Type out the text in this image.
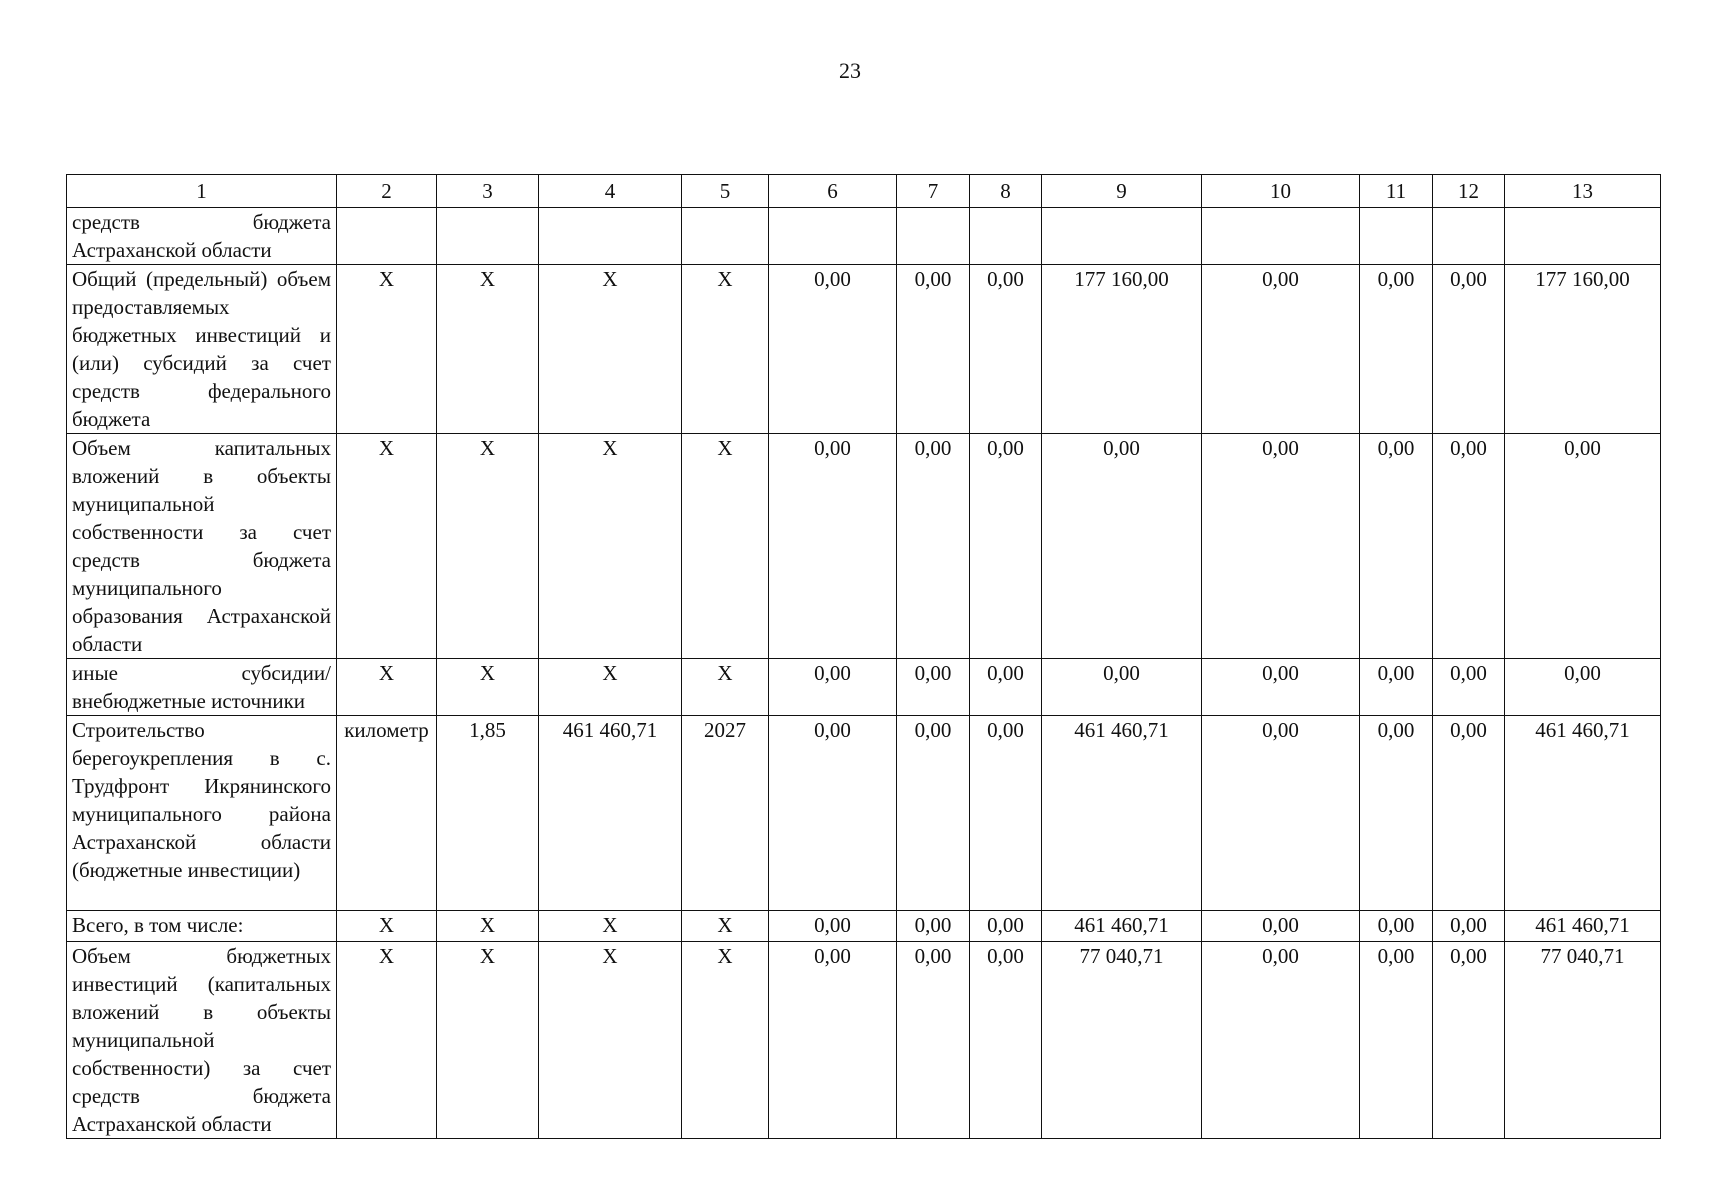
23
1	2	3	4	5	6	7	8	9	10	11	12	13
средств бюджета Астраханской области												
Общий (предельный) объем предоставляемых бюджетных инвестиций и (или) субсидий за счет средств федерального бюджета	X	X	X	X	0,00	0,00	0,00	177 160,00	0,00	0,00	0,00	177 160,00
Объем капитальных вложений в объекты муниципальной собственности за счет средств бюджета муниципального образования Астраханской области	X	X	X	X	0,00	0,00	0,00	0,00	0,00	0,00	0,00	0,00
иные субсидии/ внебюджетные источники	X	X	X	X	0,00	0,00	0,00	0,00	0,00	0,00	0,00	0,00
Строительство берегоукрепления в с. Трудфронт Икрянинского муниципального района Астраханской области (бюджетные инвестиции)	километр	1,85	461 460,71	2027	0,00	0,00	0,00	461 460,71	0,00	0,00	0,00	461 460,71
Всего, в том числе:	X	X	X	X	0,00	0,00	0,00	461 460,71	0,00	0,00	0,00	461 460,71
Объем бюджетных инвестиций (капитальных вложений в объекты муниципальной собственности) за счет средств бюджета Астраханской области	X	X	X	X	0,00	0,00	0,00	77 040,71	0,00	0,00	0,00	77 040,71
